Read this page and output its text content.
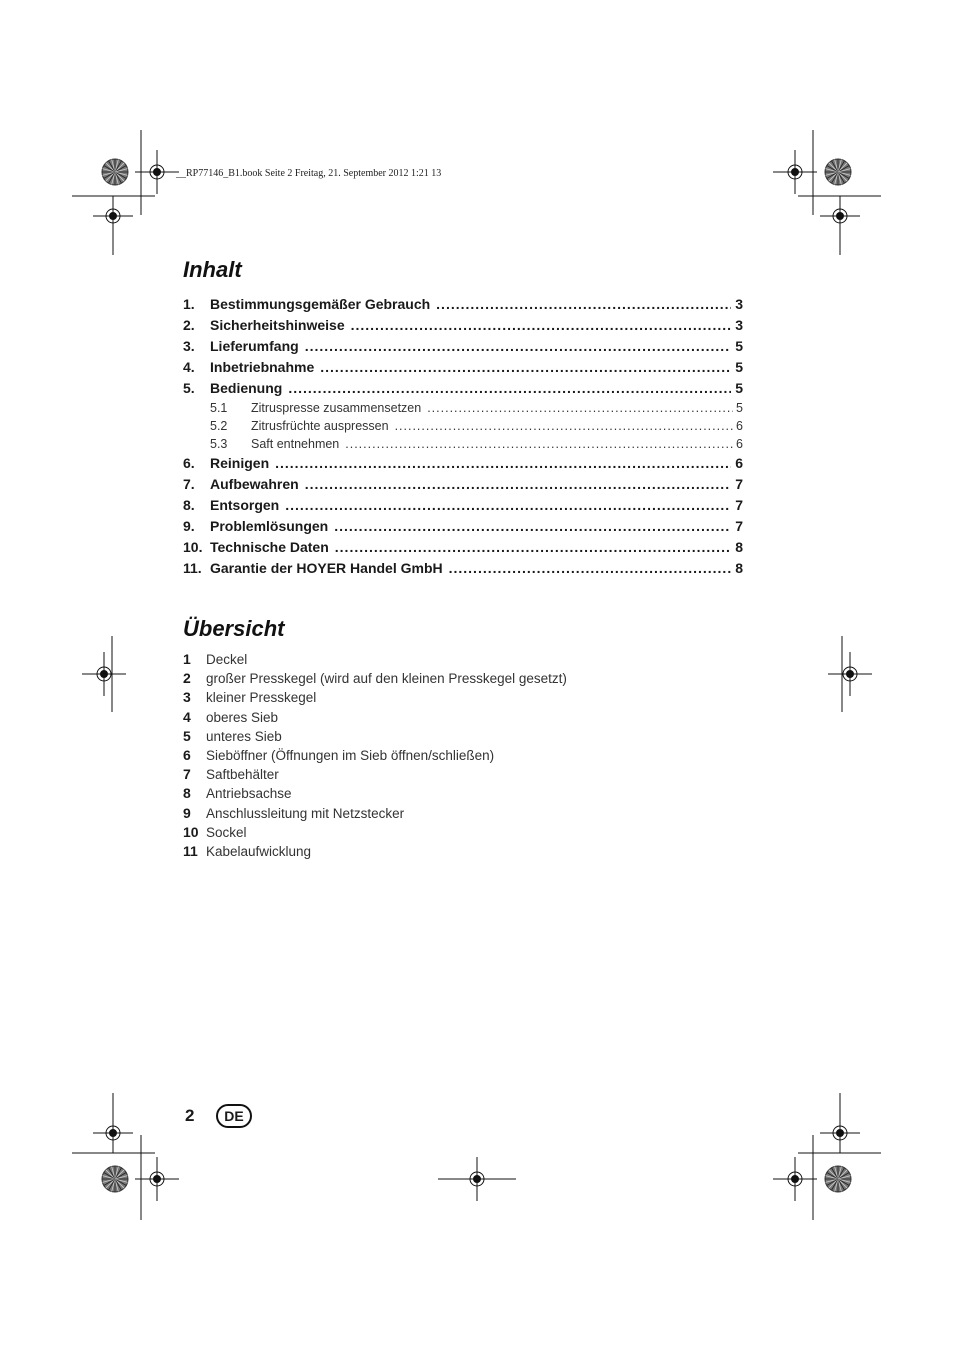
__RP77146_B1.book Seite 2 Freitag, 21. September 2012 1:21 13
Inhalt
1.	Bestimmungsgemäßer Gebrauch .....	3
2.	Sicherheitshinweise .....	3
3.	Lieferumfang .....	5
4.	Inbetriebnahme .....	5
5.	Bedienung .....	5
5.1	Zitruspresse zusammensetzen .....	5
5.2	Zitrusfrüchte auspressen .....	6
5.3	Saft entnehmen .....	6
6.	Reinigen .....	6
7.	Aufbewahren .....	7
8.	Entsorgen .....	7
9.	Problemlösungen .....	7
10. Technische Daten .....	8
11. Garantie der HOYER Handel GmbH .....	8
Übersicht
1	Deckel
2	großer Presskegel (wird auf den kleinen Presskegel gesetzt)
3	kleiner Presskegel
4	oberes Sieb
5	unteres Sieb
6	Sieböffner (Öffnungen im Sieb öffnen/schließen)
7	Saftbehälter
8	Antriebsachse
9	Anschlussleitung mit Netzstecker
10 Sockel
11 Kabelaufwicklung
2 DE
